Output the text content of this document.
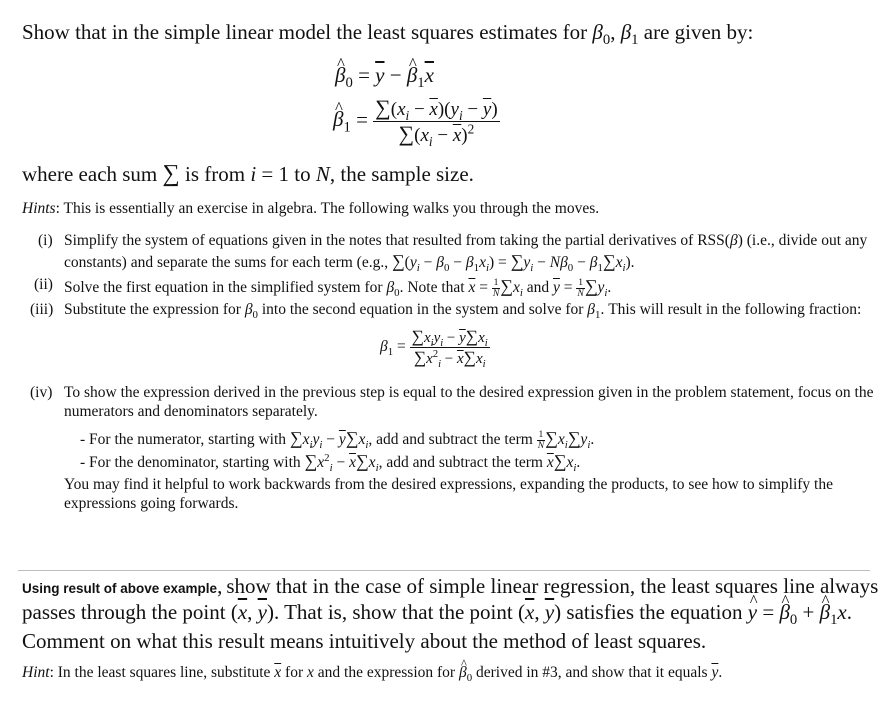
Show that in the simple linear model the least squares estimates for $\beta_0$, $\beta_1$ are given by:
^ $\beta_0 = \overline{y}$ − ^ $\beta_1\overline{x}$
^ $\beta_1 = \frac{\sum(x_i - \overline{x})(y_i - \overline{y})}{\sum(x_i - \overline{x})^2}$
where each sum ∑ is from i = 1 to N, the sample size.
Hints: This is essentially an exercise in algebra. The following walks you through the moves.
(i) Simplify the system of equations given in the notes that resulted from taking the partial derivatives of RSS(β) (i.e., divide out any
constants) and separate the sums for each term (e.g., $\sum(y_i - \beta_0 - \beta_1x_i) = \sum y_i - N\beta_0 - \beta_1\sum x_i$).
(ii) Solve the first equation in the simplified system for $\beta_0$. Note that $\overline{x} = \frac{1}{N} \sum x_i$ and $\overline{y} = \frac{1}{N} \sum y_i$.
(iii) Substitute the expression for $\beta_0$ into the second equation in the system and solve for $\beta_1$. This will result in the following fraction:
$\beta_1 = \frac{\sum x_iy_i - \overline{y}\sum x_i}{\sum x^2_i - \overline{x}\sum x_i}$
(iv) To show the expression derived in the previous step is equal to the desired expression given in the problem statement, focus on the
numerators and denominators separately.
- For the numerator, starting with $\sum x_iy_i - \overline{y}\sum x_i$, add and subtract the term $\frac{1}{N} \sum x_i\sum y_i$.
- For the denominator, starting with $\sum x^2_i - \overline{x}\sum x_i$, add and subtract the term $\overline{x}\sum x_i$.
You may find it helpful to work backwards from the desired expressions, expanding the products, to see how to simplify the
expressions going forwards.
Using result of above example, show that in the case of simple linear regression, the least squares line always
passes through the point ($\overline{x}$, $\overline{y}$). That is, show that the point ($\overline{x}$, $\overline{y}$) satisfies the equation ^ y = ^ $\beta_0$ + ^ $\beta_1x$.
Comment on what this result means intuitively about the method of least squares.
Hint: In the least squares line, substitute $\overline{x}$ for x and the expression for ^ $\beta_0$ derived in #3, and show that it equals $\overline{y}$.
